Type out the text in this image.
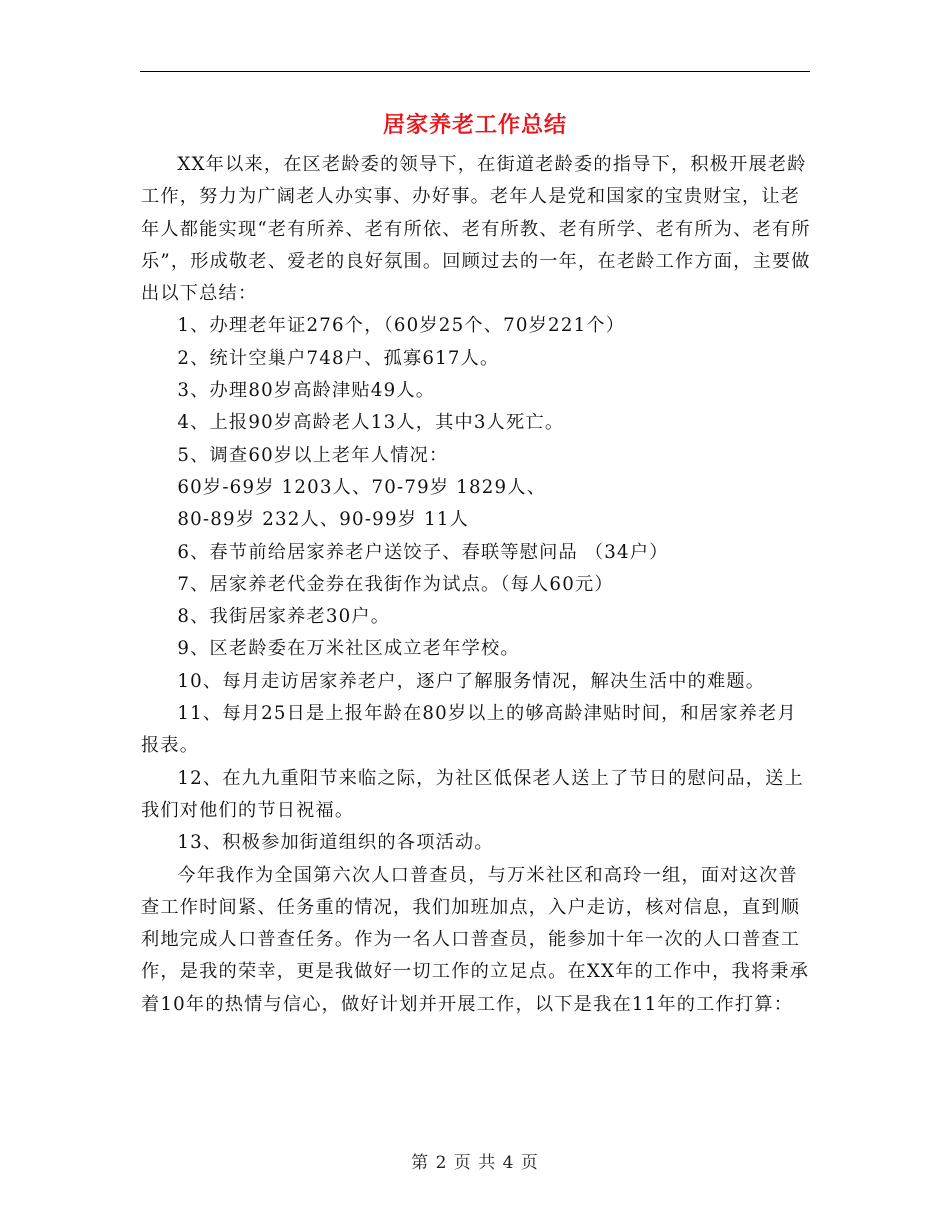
居家养老工作总结

XX年以来，在区老龄委的领导下，在街道老龄委的指导下，积极开展老龄工作，努力为广阔老人办实事、办好事。老年人是党和国家的宝贵财宝，让老年人都能实现“老有所养、老有所依、老有所教、老有所学、老有所为、老有所乐”，形成敬老、爱老的良好氛围。回顾过去的一年，在老龄工作方面，主要做出以下总结：

1、办理老年证276个，（60岁25个、70岁221个）

2、统计空巢户748户、孤寡617人。

3、办理80岁高龄津贴49人。

4、上报90岁高龄老人13人，其中3人死亡。

5、调查60岁以上老年人情况：

60岁-69岁 1203人、70-79岁 1829人、

80-89岁 232人、90-99岁 11人

6、春节前给居家养老户送饺子、春联等慰问品 （34户）

7、居家养老代金券在我街作为试点。（每人60元）

8、我街居家养老30户。

9、区老龄委在万米社区成立老年学校。

10、每月走访居家养老户，逐户了解服务情况，解决生活中的难题。

11、每月25日是上报年龄在80岁以上的够高龄津贴时间，和居家养老月报表。

12、在九九重阳节来临之际，为社区低保老人送上了节日的慰问品，送上我们对他们的节日祝福。

13、积极参加街道组织的各项活动。

今年我作为全国第六次人口普查员，与万米社区和高玲一组，面对这次普查工作时间紧、任务重的情况，我们加班加点，入户走访，核对信息，直到顺利地完成人口普查任务。作为一名人口普查员，能参加十年一次的人口普查工作，是我的荣幸，更是我做好一切工作的立足点。在XX年的工作中，我将秉承着10年的热情与信心，做好计划并开展工作，以下是我在11年的工作打算：

第 2 页 共 4 页
